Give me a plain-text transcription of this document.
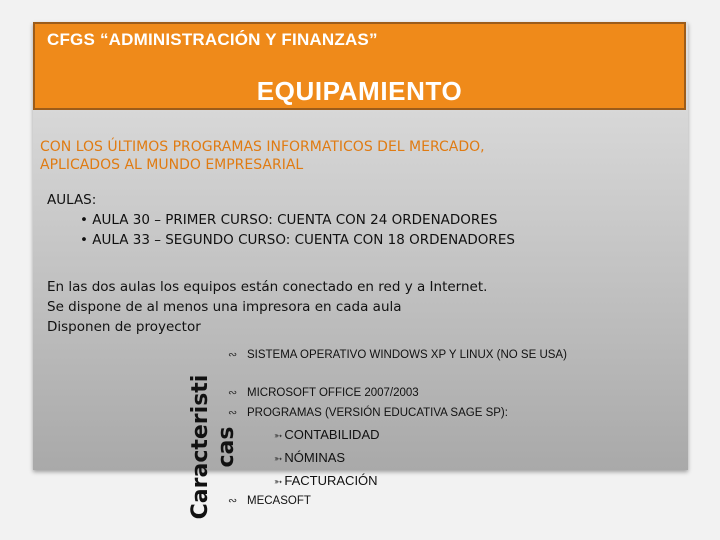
CFGS “ADMINISTRACIÓN Y FINANZAS”
EQUIPAMIENTO
CON LOS ÚLTIMOS PROGRAMAS INFORMATICOS DEL MERCADO,
APLICADOS AL MUNDO EMPRESARIAL
AULAS:
• AULA 30 – PRIMER CURSO: CUENTA CON 24 ORDENADORES
• AULA 33 – SEGUNDO CURSO: CUENTA CON 18 ORDENADORES
En las dos aulas los equipos están conectado en red y a Internet.
Se dispone de al menos una impresora en cada aula
Disponen de proyector
Caracteristi cas
∾ SISTEMA OPERATIVO WINDOWS XP Y LINUX (NO SE USA)
∾ MICROSOFT OFFICE 2007/2003
∾ PROGRAMAS (VERSIÓN EDUCATIVA SAGE SP):
➳ CONTABILIDAD
➳ NÓMINAS
➳ FACTURACIÓN
∾ MECASOFT
